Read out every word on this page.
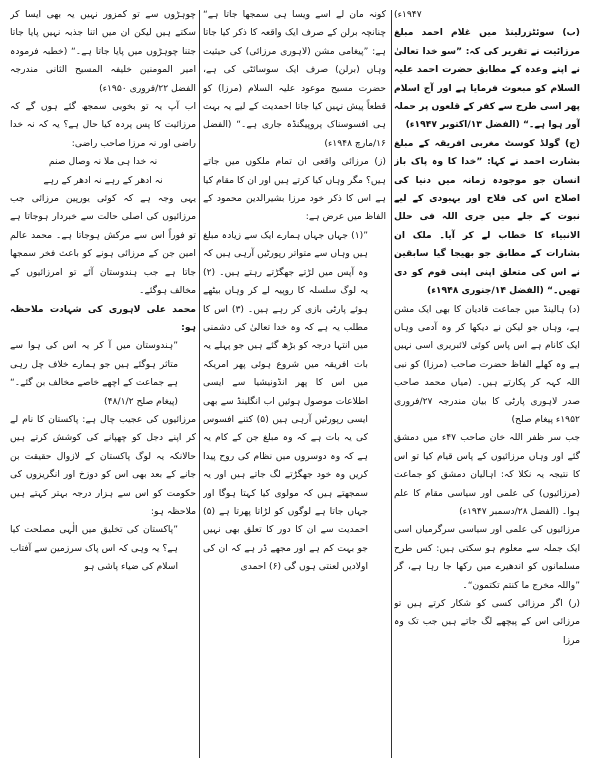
۱۹۴۷ء)

(ب) سوئٹزرلینڈ میں غلام احمد مبلغ مرزائیت نے تقریر کی کہ: ”سو خدا تعالیٰ نے اپنے وعدہ کے مطابق حضرت احمد علیہ السلام کو مبعوث فرمایا ہے اور آج اسلام پھر اسی طرح سے کفر کے قلعوں پر حملہ آور ہوا ہے۔“ (الفضل ۱۳/اکتوبر ۱۹۴۷ء)

(ج) گولڈ کوسٹ مغربی افریقہ کے مبلغ بشارت احمد نے کہا: ”خدا کا وہ پاک باز انسان جو موجودہ زمانہ میں دنیا کی اصلاح اس کی فلاح اور بہبودی کے لیے نبوت کے جلے میں جری اللہ فی حلل الانبیاء کا خطاب لے کر آیا۔ ملک ان بشارات کے مطابق جو بھیجا گیا سابقین نے اس کی متعلق اپنی اپنی قوم کو دی تھیں۔“ (الفضل ۱۴/جنوری ۱۹۴۸ء)

(د) ہالینڈ میں جماعت قادیان کا بھی ایک مشن ہے، وہاں جو لیکن نے دیکھا کر وہ آدمی وہاں ایک کانام ہے اس پاس کوئی لائبریری اسی نہیں ہے وہ کھلے الفاظ حضرت صاحب (مرزا) کو نبی اللہ کہہ کر پکارتے ہیں۔ (میاں محمد صاحب صدر لاہوری پارٹی کا بیان مندرجہ ۲۷/فروری ۱۹۵۲ء پیغام صلح)

جب سر ظفر اللہ خان صاحب ۴۷ء میں دمشق گئے اور وہاں مرزائیوں کے پاس قیام کیا تو اس کا نتیجہ یہ نکلا کہ: اہالیان دمشق کو جماعت (مرزائیوں) کی علمی اور سیاسی مقام کا علم ہوا۔ (الفضل ۲۸/دسمبر ۱۹۴۷ء)

مرزائیوں کی علمی اور سیاسی سرگرمیاں اسی ایک جملہ سے معلوم ہو سکتی ہیں: کس طرح مسلمانوں کو اندھیرے میں رکھا جا رہا ہے، گر ”واللہ مخرج ما کنتم تکتمون“۔

(ر) اگر مرزائی کسی کو شکار کرتے ہیں تو مرزائی اس کے پیچھے لگ جاتے ہیں جب تک وہ مرزا

کونہ مان لے اسے ویسا ہی سمجھا جاتا ہے“ چنانچہ برلن کے صرف ایک واقعہ کا ذکر کیا جاتا ہے: ”پیغامی مشن (لاہوری مرزائی) کی حیثیت وہاں (برلن) صرف ایک سوسائٹی کی ہے، حضرت مسیح موعود علیہ السلام (مرزا) کو قطعاً پیش نہیں کیا جاتا احمدیت کے لیے یہ بہت ہی افسوسناک پروپیگنڈہ جاری ہے۔“ (الفضل ۱۶/مارچ ۱۹۴۸ء)

(ز) مرزائی واقعی ان تمام ملکوں میں جاتے ہیں؟ مگر وہاں کیا کرتے ہیں اور ان کا مقام کیا ہے اس کا ذکر خود مرزا بشیرالدین محمود کے الفاظ میں عرض ہے:

”(۱) جہاں جہاں ہمارے ایک سے زیادہ مبلغ ہیں وہاں سے متواتر رپورٹیں آرہی ہیں کہ وہ آپس میں لڑتے جھگڑتے رہتے ہیں۔ (۲) یہ لوگ سلسلہ کا روپیہ لے کر وہاں بیٹھے ہوئے پارٹی بازی کر رہے ہیں۔ (۳) اس کا مطلب یہ ہے کہ وہ خدا تعالیٰ کی دشمنی میں انتہا درجہ کو بڑھ گئے ہیں جو پہلے یہ بات افریقہ میں شروع ہوئی پھر امریکہ میں اس کا پھر انڈونیشیا سے ایسی اطلاعات موصول ہوئیں اب انگلینڈ سے بھی ایسی رپورٹیں آرہی ہیں (۵) کتنے افسوس کی یہ بات ہے کہ وہ مبلغ جن کے کام یہ ہے کہ وہ دوسروں میں نظام کی روح پیدا کریں وہ خود جھگڑتے لگ جاتے ہیں اور یہ سمجھتے ہیں کہ مولوی کیا کہتا ہوگا اور جہاں جاتا ہے لوگوں کو لڑاتا پھرتا ہے (۵) احمدیت سے ان کا دور کا تعلق بھی نہیں جو بہت کم ہے اور مجھے ڈر ہے کہ ان کی اولادیں لعنتی ہوں گی (۶) احمدی

چوہڑوں سے تو کمزور نہیں یہ بھی ایسا کر سکتے ہیں لیکن ان میں اتنا جذبہ نہیں پایا جاتا جتنا چوہڑوں میں پایا جاتا ہے۔“ (خطبہ فرمودہ امیر المومنین خلیفہ المسیح الثانی مندرجہ الفضل ۲۲/فروری ۱۹۵۰ء)

اب آپ یہ تو بخوبی سمجھ گئے ہوں گے کہ مرزائیت کا پس پردہ کیا حال ہے؟ یہ کہ نہ خدا راضی اور نہ مرزا صاحب راضی:

نہ خدا ہی ملا نہ وصال صنم

نہ ادھر کے رہے نہ ادھر کے رہے

یہی وجہ ہے کہ کوئی یورپین مرزائی جب مرزائیوں کی اصلی حالت سے خبردار ہوجاتا ہے تو فوراً اس سے مرکش ہوجاتا ہے۔ محمد عالم امین جن کے مرزائی ہونے کو باعث فخر سمجھا جاتا ہے جب ہندوستان آئے تو امرزائیوں کے مخالف ہوگئے۔

محمد علی لاہوری کی شہادت ملاحظہ ہو:

”ہندوستان میں آ کر یہ اس کی ہوا سے متاثر ہوگئے ہیں جو ہمارے خلاف چل رہی ہے جماعت کے اچھے خاصے مخالف بن گئے۔“ (پیغام صلح ۴۸/۱/۲)

مرزائیوں کی عجیب چال ہے: پاکستان کا نام لے کر اپنے دجل کو چھپانے کی کوشش کرتے ہیں حالانکہ یہ لوگ پاکستان کے لازوال حقیقت بن جانے کے بعد بھی اس کو دوزخ اور انگریزوں کی حکومت کو اس سے ہزار درجہ بہتر کہتے ہیں ملاحظہ ہو:

”پاکستان کی تخلیق میں الٰہی مصلحت کیا ہے؟ یہ وہی کہ اس پاک سرزمین سے آفتاب اسلام کی ضیاء پاشی ہو
